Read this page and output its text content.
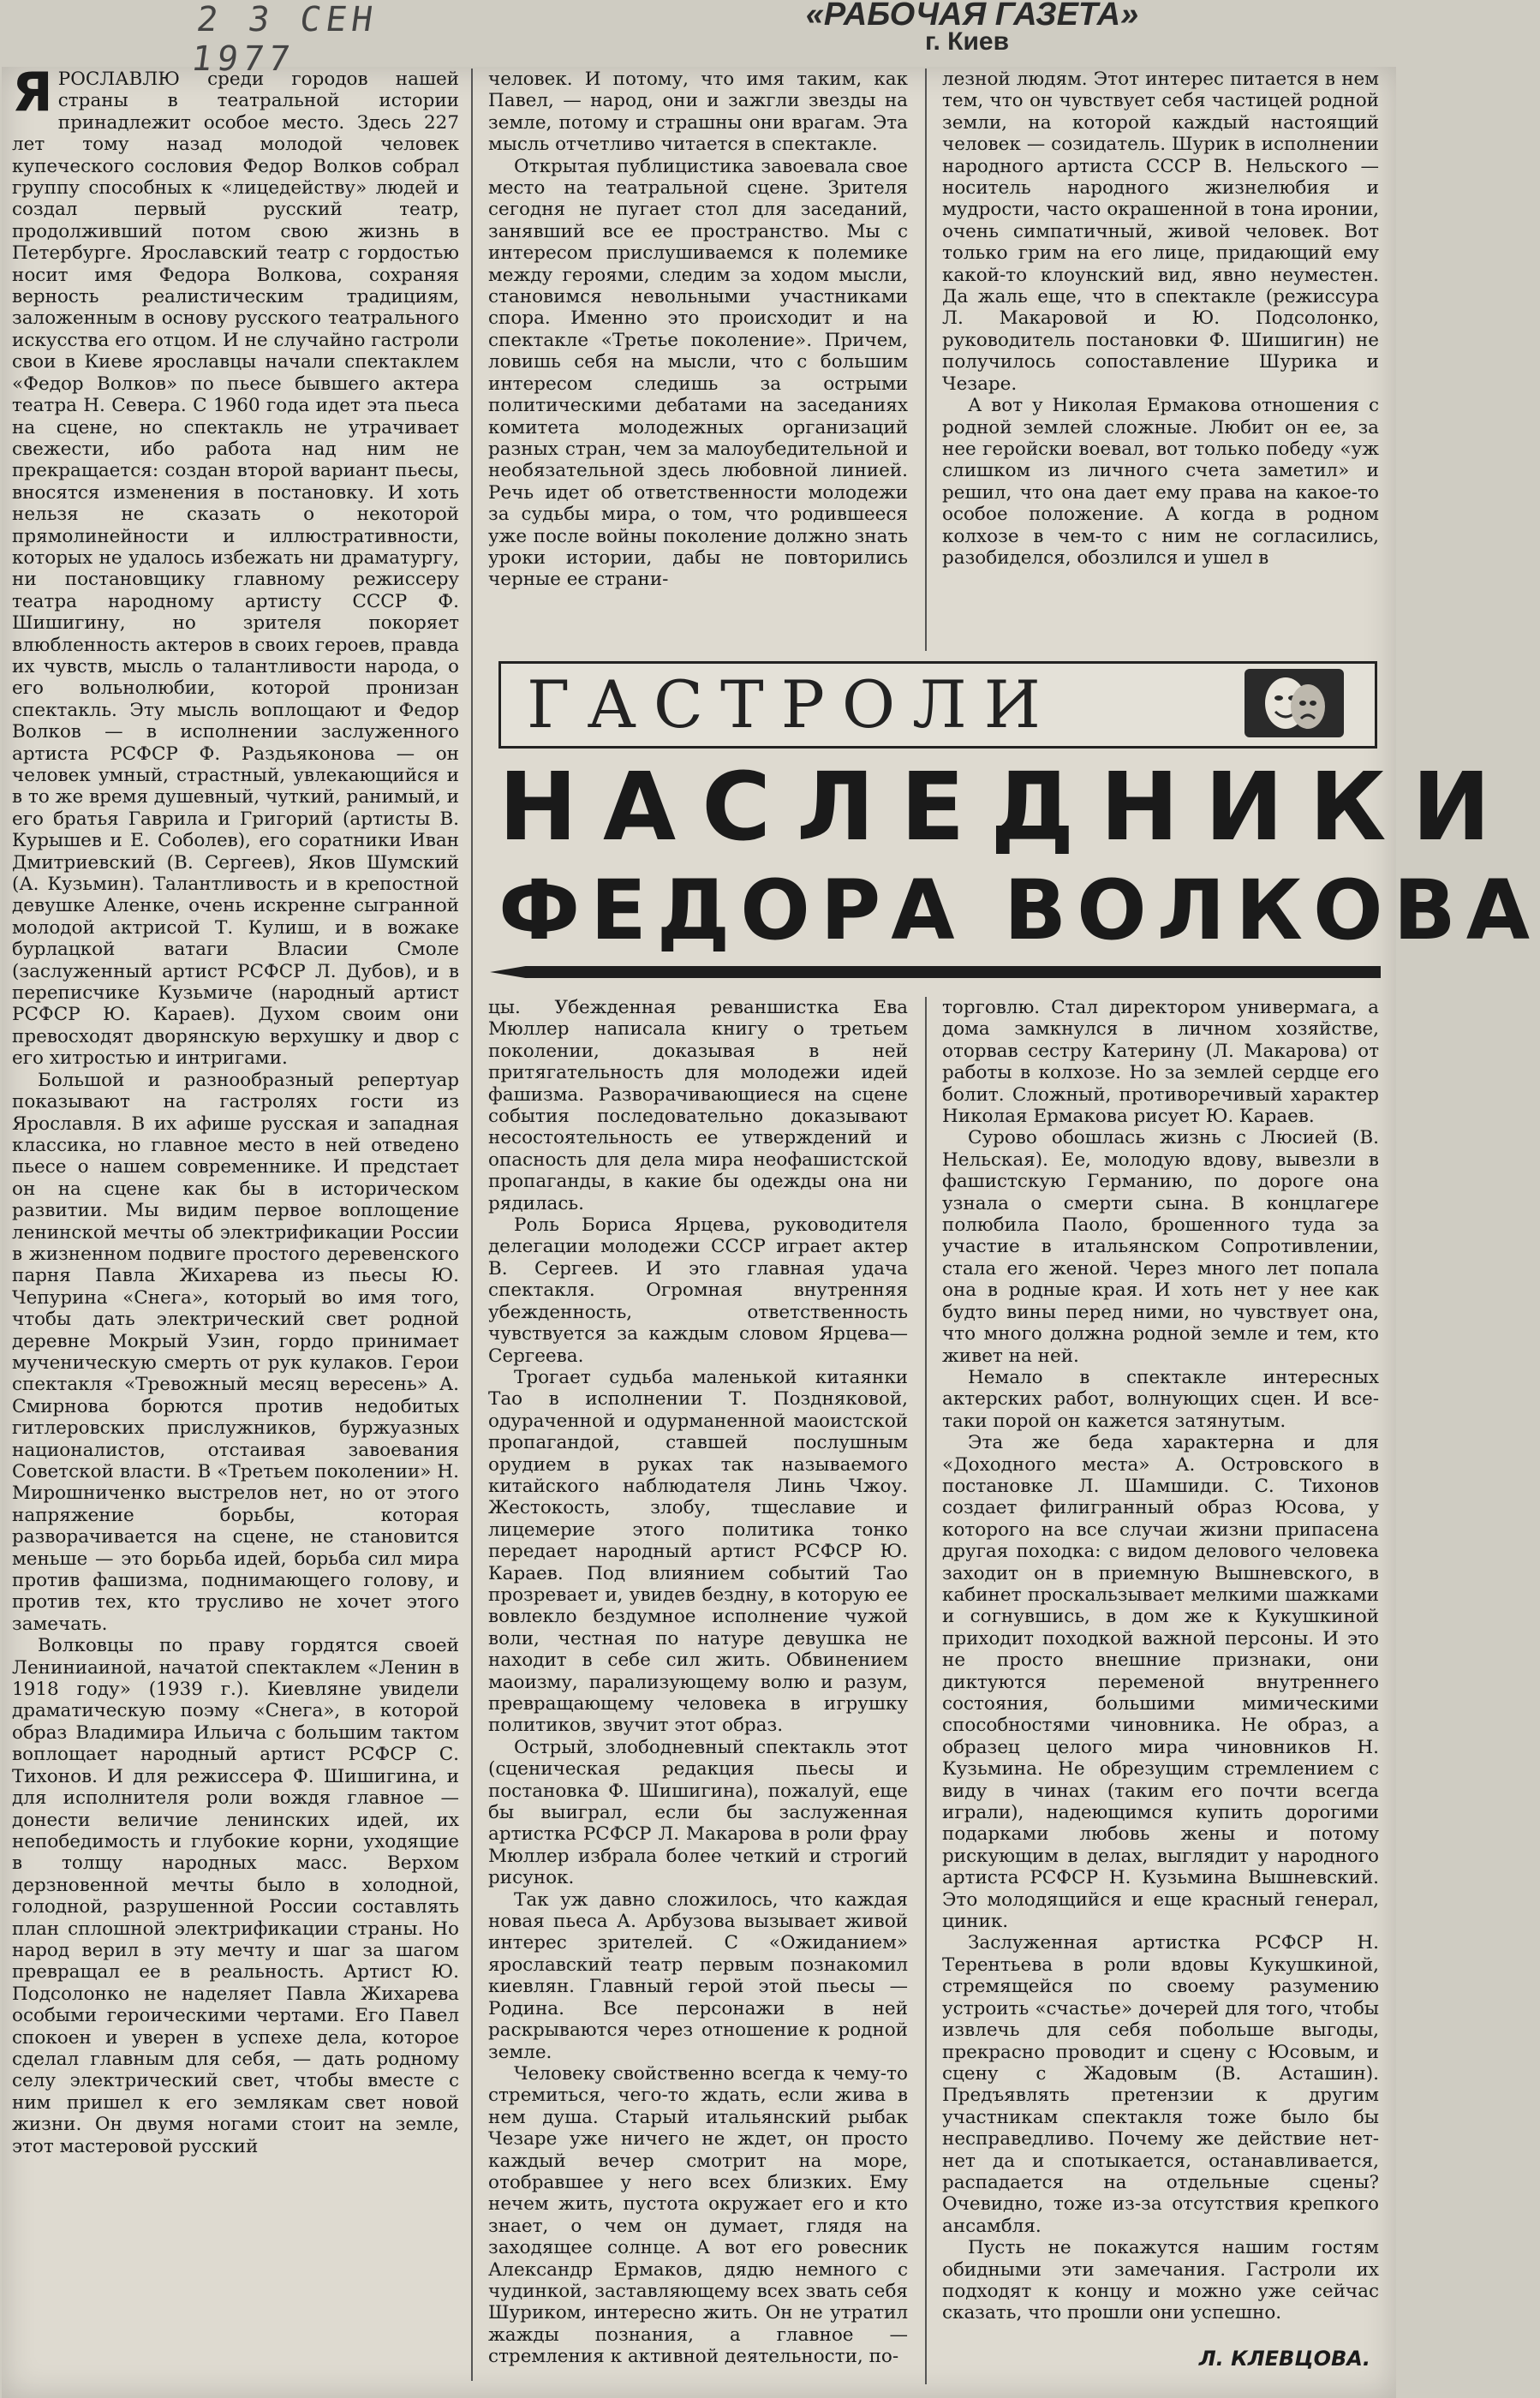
2 3 СЕН 1977
«РАБОЧАЯ ГАЗЕТА»
г. Киев

ЯРОСЛАВЛЮ среди городов нашей страны в театральной истории принадлежит особое место. Здесь 227 лет тому назад молодой человек купеческого сословия Федор Волков собрал группу способных к «лицедейству» людей и создал первый русский театр, продолживший потом свою жизнь в Петербурге. Ярославский театр с гордостью носит имя Федора Волкова, сохраняя верность реалистическим традициям, заложенным в основу русского театрального искусства его отцом. И не случайно гастроли свои в Киеве ярославцы начали спектаклем «Федор Волков» по пьесе бывшего актера театра Н. Севера. С 1960 года идет эта пьеса на сцене, но спектакль не утрачивает свежести, ибо работа над ним не прекращается: создан второй вариант пьесы, вносятся изменения в постановку. И хоть нельзя не сказать о некоторой прямолинейности и иллюстративности, которых не удалось избежать ни драматургу, ни постановщику главному режиссеру театра народному артисту СССР Ф. Шишигину, но зрителя покоряет влюбленность актеров в своих героев, правда их чувств, мысль о талантливости народа, о его вольнолюбии, которой пронизан спектакль. Эту мысль воплощают и Федор Волков — в исполнении заслуженного артиста РСФСР Ф. Раздьяконова — он человек умный, страстный, увлекающийся и в то же время душевный, чуткий, ранимый, и его братья Гаврила и Григорий (артисты В. Курышев и Е. Соболев), его соратники Иван Дмитриевский (В. Сергеев), Яков Шумский (А. Кузьмин). Талантливость и в крепостной девушке Аленке, очень искренне сыгранной молодой актрисой Т. Кулиш, и в вожаке бурлацкой ватаги Власии Смоле (заслуженный артист РСФСР Л. Дубов), и в переписчике Кузьмиче (народный артист РСФСР Ю. Караев). Духом своим они превосходят дворянскую верхушку и двор с его хитростью и интригами.

Большой и разнообразный репертуар показывают на гастролях гости из Ярославля. В их афише русская и западная классика, но главное место в ней отведено пьесе о нашем современнике. И предстает он на сцене как бы в историческом развитии. Мы видим первое воплощение ленинской мечты об электрификации России в жизненном подвиге простого деревенского парня Павла Жихарева из пьесы Ю. Чепурина «Снега», который во имя того, чтобы дать электрический свет родной деревне Мокрый Узин, гордо принимает мученическую смерть от рук кулаков. Герои спектакля «Тревожный месяц вересень» А. Смирнова борются против недобитых гитлеровских прислужников, буржуазных националистов, отстаивая завоевания Советской власти. В «Третьем поколении» Н. Мирошниченко выстрелов нет, но от этого напряжение борьбы, которая разворачивается на сцене, не становится меньше — это борьба идей, борьба сил мира против фашизма, поднимающего голову, и против тех, кто трусливо не хочет этого замечать.

Волковцы по праву гордятся своей Лениниаиной, начатой спектаклем «Ленин в 1918 году» (1939 г.). Киевляне увидели драматическую поэму «Снега», в которой образ Владимира Ильича с большим тактом воплощает народный артист РСФСР С. Тихонов. И для режиссера Ф. Шишигина, и для исполнителя роли вождя главное — донести величие ленинских идей, их непобедимость и глубокие корни, уходящие в толщу народных масс. Верхом дерзновенной мечты было в холодной, голодной, разрушенной России составлять план сплошной электрификации страны. Но народ верил в эту мечту и шаг за шагом превращал ее в реальность. Артист Ю. Подсолонко не наделяет Павла Жихарева особыми героическими чертами. Его Павел спокоен и уверен в успехе дела, которое сделал главным для себя, — дать родному селу электрический свет, чтобы вместе с ним пришел к его землякам свет новой жизни. Он двумя ногами стоит на земле, этот мастеровой русский

человек. И потому, что имя таким, как Павел, — народ, они и зажгли звезды на земле, потому и страшны они врагам. Эта мысль отчетливо читается в спектакле.

Открытая публицистика завоевала свое место на театральной сцене. Зрителя сегодня не пугает стол для заседаний, занявший все ее пространство. Мы с интересом прислушиваемся к полемике между героями, следим за ходом мысли, становимся невольными участниками спора. Именно это происходит и на спектакле «Третье поколение». Причем, ловишь себя на мысли, что с большим интересом следишь за острыми политическими дебатами на заседаниях комитета молодежных организаций разных стран, чем за малоубедительной и необязательной здесь любовной линией. Речь идет об ответственности молодежи за судьбы мира, о том, что родившееся уже после войны поколение должно знать уроки истории, дабы не повторились черные ее страни-

лезной людям. Этот интерес питается в нем тем, что он чувствует себя частицей родной земли, на которой каждый настоящий человек — созидатель. Шурик в исполнении народного артиста СССР В. Нельского — носитель народного жизнелюбия и мудрости, часто окрашенной в тона иронии, очень симпатичный, живой человек. Вот только грим на его лице, придающий ему какой-то клоунский вид, явно неуместен. Да жаль еще, что в спектакле (режиссура Л. Макаровой и Ю. Подсолонко, руководитель постановки Ф. Шишигин) не получилось сопоставление Шурика и Чезаре.

А вот у Николая Ермакова отношения с родной землей сложные. Любит он ее, за нее геройски воевал, вот только победу «уж слишком из личного счета заметил» и решил, что она дает ему права на какое-то особое положение. А когда в родном колхозе в чем-то с ним не согласились, разобиделся, обозлился и ушел в

ГАСТРОЛИ
НАСЛЕДНИКИ
ФЕДОРА ВОЛКОВА

цы. Убежденная реваншистка Ева Мюллер написала книгу о третьем поколении, доказывая в ней притягательность для молодежи идей фашизма. Разворачивающиеся на сцене события последовательно доказывают несостоятельность ее утверждений и опасность для дела мира неофашистской пропаганды, в какие бы одежды она ни рядилась.

Роль Бориса Ярцева, руководителя делегации молодежи СССР играет актер В. Сергеев. И это главная удача спектакля. Огромная внутренняя убежденность, ответственность чувствуется за каждым словом Ярцева—Сергеева.

Трогает судьба маленькой китаянки Тао в исполнении Т. Поздняковой, одураченной и одурманенной маоистской пропагандой, ставшей послушным орудием в руках так называемого китайского наблюдателя Линь Чжоу. Жестокость, злобу, тщеславие и лицемерие этого политика тонко передает народный артист РСФСР Ю. Караев. Под влиянием событий Тао прозревает и, увидев бездну, в которую ее вовлекло бездумное исполнение чужой воли, честная по натуре девушка не находит в себе сил жить. Обвинением маоизму, парализующему волю и разум, превращающему человека в игрушку политиков, звучит этот образ.

Острый, злободневный спектакль этот (сценическая редакция пьесы и постановка Ф. Шишигина), пожалуй, еще бы выиграл, если бы заслуженная артистка РСФСР Л. Макарова в роли фрау Мюллер избрала более четкий и строгий рисунок.

Так уж давно сложилось, что каждая новая пьеса А. Арбузова вызывает живой интерес зрителей. С «Ожиданием» ярославский театр первым познакомил киевлян. Главный герой этой пьесы — Родина. Все персонажи в ней раскрываются через отношение к родной земле.

Человеку свойственно всегда к чему-то стремиться, чего-то ждать, если жива в нем душа. Старый итальянский рыбак Чезаре уже ничего не ждет, он просто каждый вечер смотрит на море, отобравшее у него всех близких. Ему нечем жить, пустота окружает его и кто знает, о чем он думает, глядя на заходящее солнце. А вот его ровесник Александр Ермаков, дядю немного с чудинкой, заставляющему всех звать себя Шуриком, интересно жить. Он не утратил жажды познания, а главное — стремления к активной деятельности, по-

торговлю. Стал директором универмага, а дома замкнулся в личном хозяйстве, оторвав сестру Катерину (Л. Макарова) от работы в колхозе. Но за землей сердце его болит. Сложный, противоречивый характер Николая Ермакова рисует Ю. Караев.

Сурово обошлась жизнь с Люсией (В. Нельская). Ее, молодую вдову, вывезли в фашистскую Германию, по дороге она узнала о смерти сына. В концлагере полюбила Паоло, брошенного туда за участие в итальянском Сопротивлении, стала его женой. Через много лет попала она в родные края. И хоть нет у нее как будто вины перед ними, но чувствует она, что много должна родной земле и тем, кто живет на ней.

Немало в спектакле интересных актерских работ, волнующих сцен. И все-таки порой он кажется затянутым.

Эта же беда характерна и для «Доходного места» А. Островского в постановке Л. Шамшиди. С. Тихонов создает филигранный образ Юсова, у которого на все случаи жизни припасена другая походка: с видом делового человека заходит он в приемную Вышневского, в кабинет проскальзывает мелкими шажками и согнувшись, в дом же к Кукушкиной приходит походкой важной персоны. И это не просто внешние признаки, они диктуются переменой внутреннего состояния, большими мимическими способностями чиновника. Не образ, а образец целого мира чиновников Н. Кузьмина. Не обрезущим стремлением с виду в чинах (таким его почти всегда играли), надеющимся купить дорогими подарками любовь жены и потому рискующим в делах, выглядит у народного артиста РСФСР Н. Кузьмина Вышневский. Это молодящийся и еще красный генерал, циник.

Заслуженная артистка РСФСР Н. Терентьева в роли вдовы Кукушкиной, стремящейся по своему разумению устроить «счастье» дочерей для того, чтобы извлечь для себя побольше выгоды, прекрасно проводит и сцену с Юсовым, и сцену с Жадовым (В. Асташин). Предъявлять претензии к другим участникам спектакля тоже было бы несправедливо. Почему же действие нет-нет да и спотыкается, останавливается, распадается на отдельные сцены? Очевидно, тоже из-за отсутствия крепкого ансамбля.

Пусть не покажутся нашим гостям обидными эти замечания. Гастроли их подходят к концу и можно уже сейчас сказать, что прошли они успешно.

Л. КЛЕВЦОВА.
